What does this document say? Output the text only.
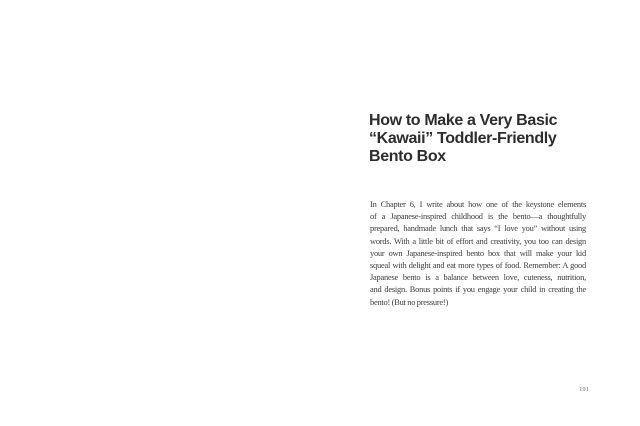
How to Make a Very Basic
“Kawaii” Toddler-Friendly
Bento Box
In Chapter 6, I write about how one of the keystone elements
of a Japanese-inspired childhood is the bento—a thoughtfully
prepared, handmade lunch that says “I love you” without using
words. With a little bit of effort and creativity, you too can design
your own Japanese-inspired bento box that will make your kid
squeal with delight and eat more types of food. Remember: A good
Japanese bento is a balance between love, cuteness, nutrition,
and design. Bonus points if you engage your child in creating the
bento! (But no pressure!)
191
